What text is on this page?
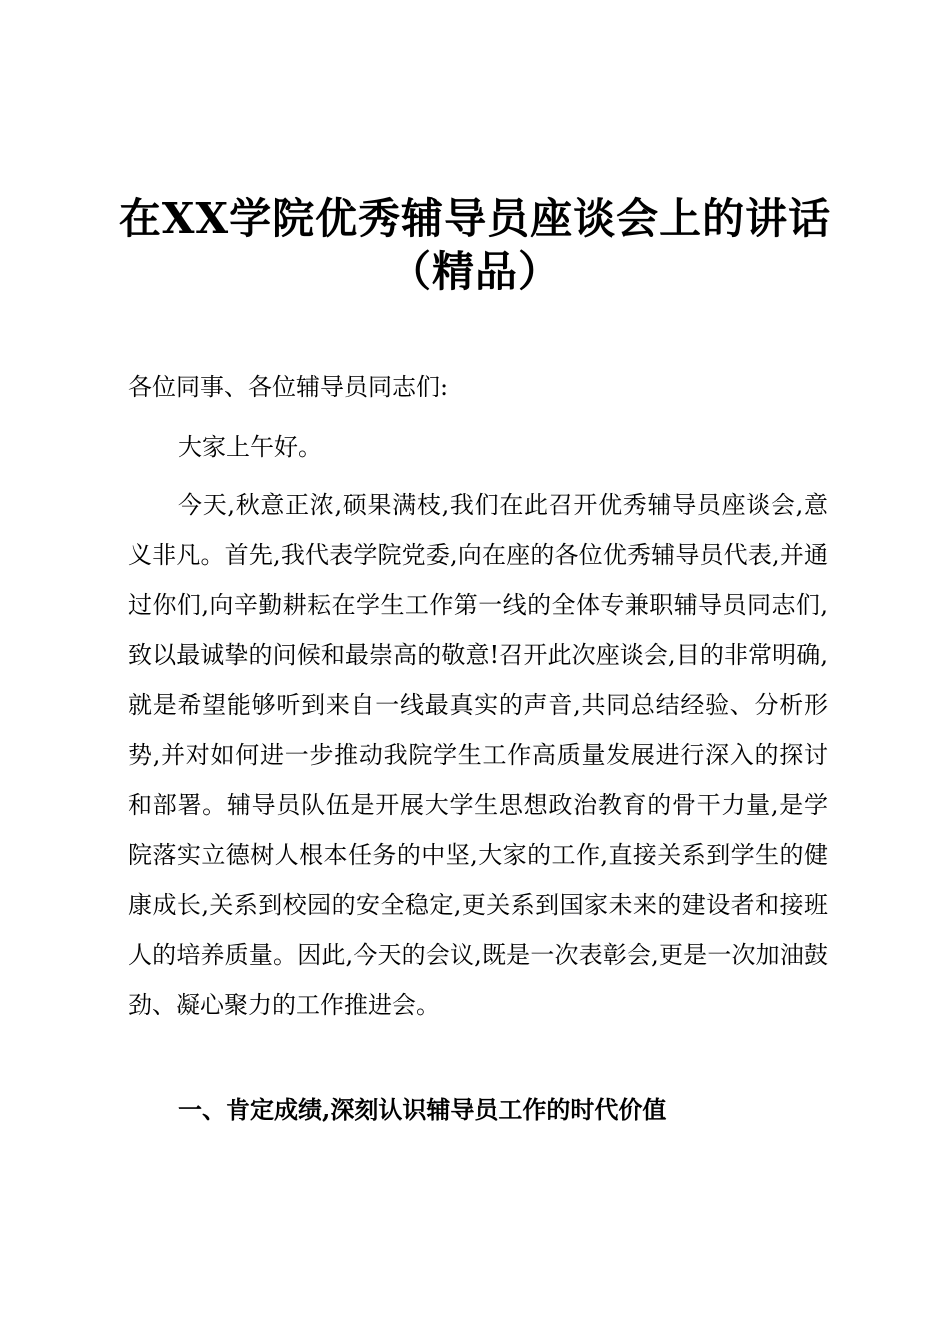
在XX学院优秀辅导员座谈会上的讲话
（精品）

各位同事、各位辅导员同志们:

大家上午好。

今天,秋意正浓,硕果满枝,我们在此召开优秀辅导员座谈会,意义非凡。首先,我代表学院党委,向在座的各位优秀辅导员代表,并通过你们,向辛勤耕耘在学生工作第一线的全体专兼职辅导员同志们,致以最诚挚的问候和最崇高的敬意!召开此次座谈会,目的非常明确,就是希望能够听到来自一线最真实的声音,共同总结经验、分析形势,并对如何进一步推动我院学生工作高质量发展进行深入的探讨和部署。辅导员队伍是开展大学生思想政治教育的骨干力量,是学院落实立德树人根本任务的中坚,大家的工作,直接关系到学生的健康成长,关系到校园的安全稳定,更关系到国家未来的建设者和接班人的培养质量。因此,今天的会议,既是一次表彰会,更是一次加油鼓劲、凝心聚力的工作推进会。

一、肯定成绩,深刻认识辅导员工作的时代价值
